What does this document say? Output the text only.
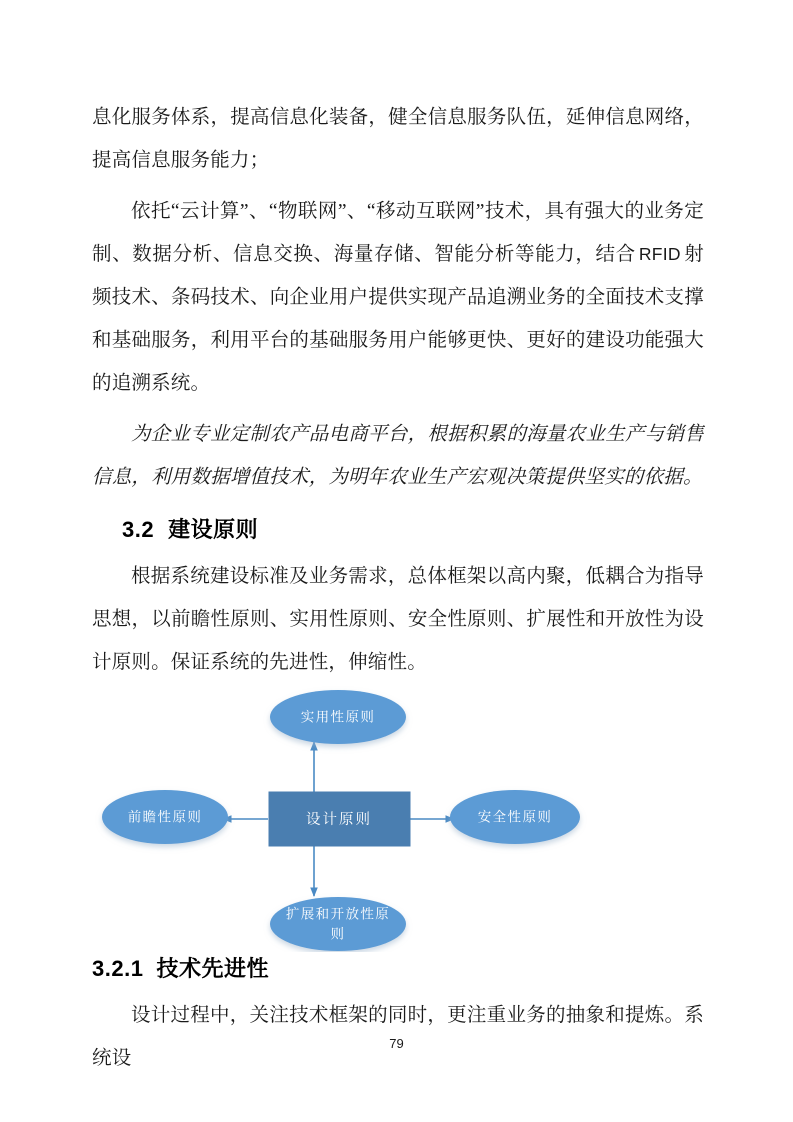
息化服务体系，提高信息化装备，健全信息服务队伍，延伸信息网络，提高信息服务能力；

依托“云计算”、“物联网”、“移动互联网”技术，具有强大的业务定制、数据分析、信息交换、海量存储、智能分析等能力，结合 RFID 射频技术、条码技术、向企业用户提供实现产品追溯业务的全面技术支撑和基础服务，利用平台的基础服务用户能够更快、更好的建设功能强大的追溯系统。

为企业专业定制农产品电商平台，根据积累的海量农业生产与销售信息，利用数据增值技术，为明年农业生产宏观决策提供坚实的依据。

3.2 建设原则

根据系统建设标准及业务需求，总体框架以高内聚，低耦合为指导思想，以前瞻性原则、实用性原则、安全性原则、扩展性和开放性为设计原则。保证系统的先进性，伸缩性。

实用性原则
前瞻性原则	安全性原则
扩展和开放性原
则
设计原则
3.2.1 技术先进性

设计过程中，关注技术框架的同时，更注重业务的抽象和提炼。系统设

79
